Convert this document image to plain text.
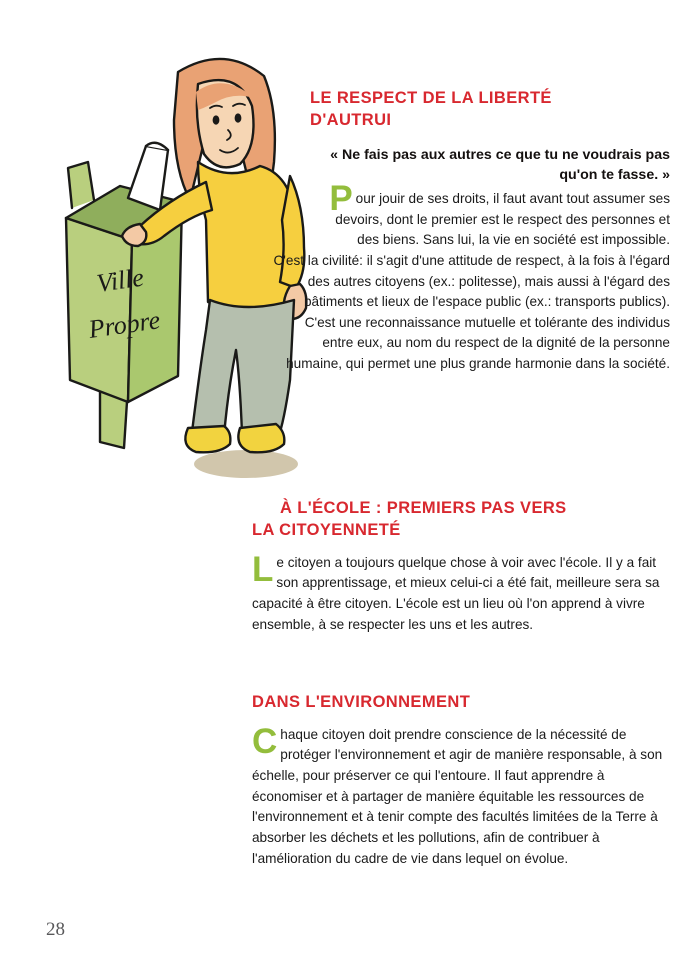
Ville
Propre
LE RESPECT DE LA LIBERTÉ
D'AUTRUI
« Ne fais pas aux autres ce que tu ne voudrais pas qu'on te fasse. »

Pour jouir de ses droits, il faut avant tout assumer ses devoirs, dont le premier est le respect des personnes et des biens. Sans lui, la vie en société est impossible.

C'est la civilité: il s'agit d'une attitude de respect, à la fois à l'égard des autres citoyens (ex.: politesse), mais aussi à l'égard des bâtiments et lieux de l'espace public (ex.: transports publics). C'est une reconnaissance mutuelle et tolérante des individus entre eux, au nom du respect de la dignité de la personne humaine, qui permet une plus grande harmonie dans la société.

À L'ÉCOLE : PREMIERS PAS VERS
LA CITOYENNETÉ

Le citoyen a toujours quelque chose à voir avec l'école. Il y a fait son apprentissage, et mieux celui-ci a été fait, meilleure sera sa capacité à être citoyen. L'école est un lieu où l'on apprend à vivre ensemble, à se respecter les uns et les autres.

DANS L'ENVIRONNEMENT

Chaque citoyen doit prendre conscience de la nécessité de protéger l'environnement et agir de manière responsable, à son échelle, pour préserver ce qui l'entoure. Il faut apprendre à économiser et à partager de manière équitable les ressources de l'environnement et à tenir compte des facultés limitées de la Terre à absorber les déchets et les pollutions, afin de contribuer à l'amélioration du cadre de vie dans lequel on évolue.

28
